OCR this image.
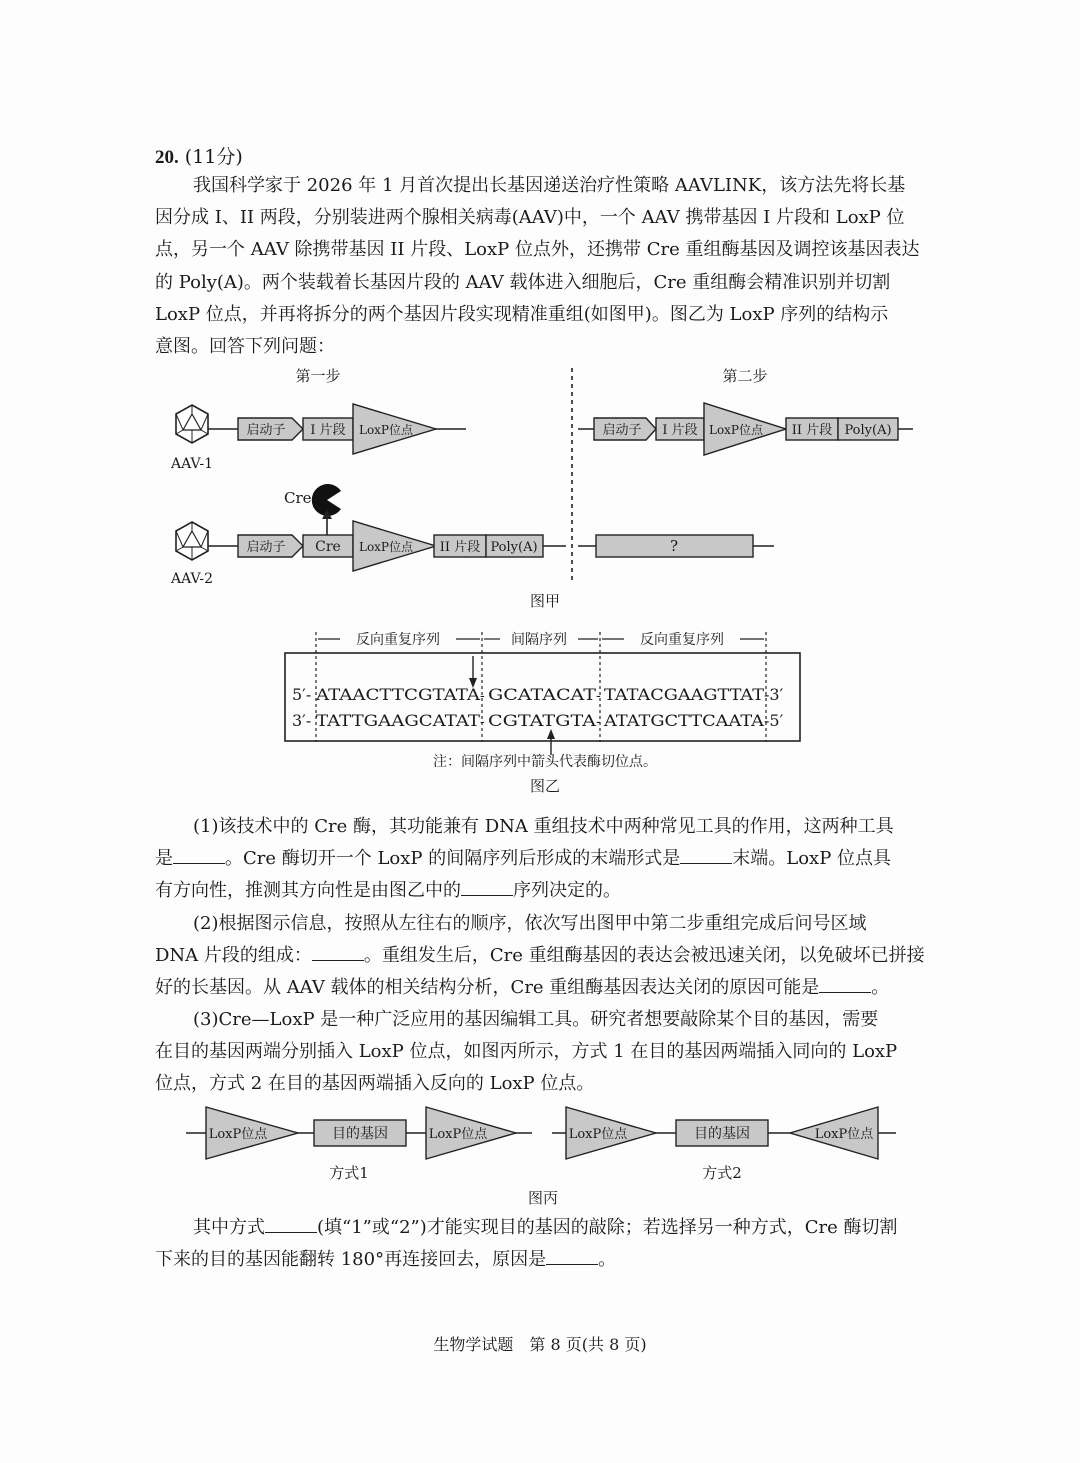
20. (11分)
我国科学家于 2026 年 1 月首次提出长基因递送治疗性策略 AAVLINK，该方法先将长基
因分成 I、II 两段，分别装进两个腺相关病毒(AAV)中，一个 AAV 携带基因 I 片段和 LoxP 位
点，另一个 AAV 除携带基因 II 片段、LoxP 位点外，还携带 Cre 重组酶基因及调控该基因表达
的 Poly(A)。两个装载着长基因片段的 AAV 载体进入细胞后，Cre 重组酶会精准识别并切割
LoxP 位点，并再将拆分的两个基因片段实现精准重组(如图甲)。图乙为 LoxP 序列的结构示
意图。回答下列问题：
第一步	第二步
AAV-1
启动子 I 片段 LoxP位点
AAV-2
启动子 Cre LoxP位点 II 片段 Poly(A)
Cre
启动子 I 片段 LoxP位点 II 片段 Poly(A)
?
图甲
反向重复序列	间隔序列	反向重复序列
5′- ATAACTTCGTATA - GCATACAT - TATACGAAGTTAT -3′
3′- TATTGAAGCATAT - CGTATGTA - ATATGCTTCAATA -5′
注：间隔序列中箭头代表酶切位点。
图乙
(1)该技术中的 Cre 酶，其功能兼有 DNA 重组技术中两种常见工具的作用，这两种工具
是	。Cre 酶切开一个 LoxP 的间隔序列后形成的末端形式是	末端。LoxP 位点具
有方向性，推测其方向性是由图乙中的	序列决定的。
(2)根据图示信息，按照从左往右的顺序，依次写出图甲中第二步重组完成后问号区域
DNA 片段的组成：	。重组发生后，Cre 重组酶基因的表达会被迅速关闭，以免破坏已拼接
好的长基因。从 AAV 载体的相关结构分析，Cre 重组酶基因表达关闭的原因可能是	。
(3)Cre—LoxP 是一种广泛应用的基因编辑工具。研究者想要敲除某个目的基因，需要
在目的基因两端分别插入 LoxP 位点，如图丙所示，方式 1 在目的基因两端插入同向的 LoxP
位点，方式 2 在目的基因两端插入反向的 LoxP 位点。
LoxP位点	目的基因	LoxP位点
方式1
LoxP位点	目的基因	LoxP位点
方式2
图丙
其中方式	(填“1”或“2”)才能实现目的基因的敲除；若选择另一种方式，Cre 酶切割
下来的目的基因能翻转 180°再连接回去，原因是	。
生物学试题　第 8 页(共 8 页)
